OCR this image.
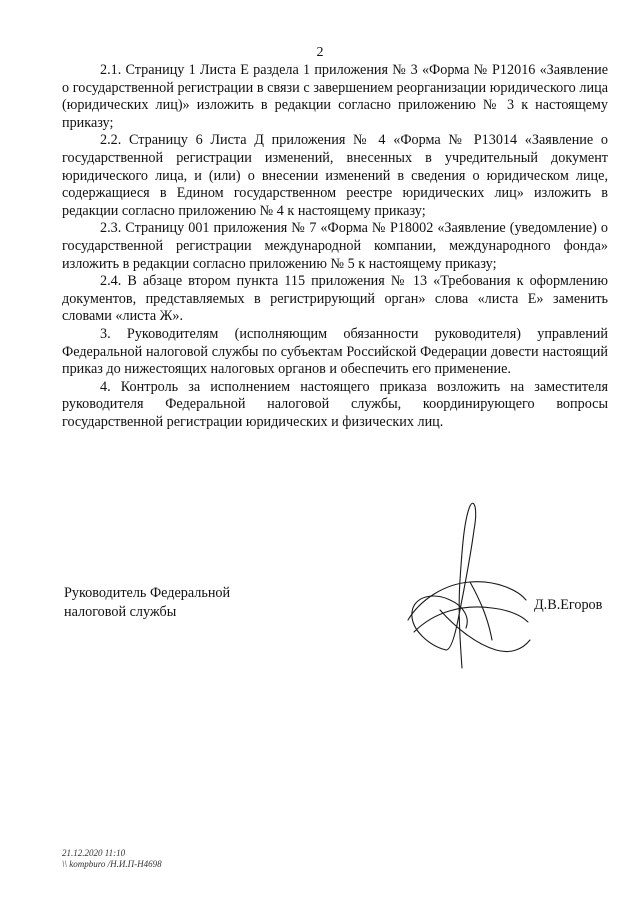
2

2.1. Страницу 1 Листа Е раздела 1 приложения № 3 «Форма № Р12016 «Заявление о государственной регистрации в связи с завершением реорганизации юридического лица (юридических лиц)» изложить в редакции согласно приложению № 3 к настоящему приказу;

2.2. Страницу 6 Листа Д приложения № 4 «Форма № Р13014 «Заявление о государственной регистрации изменений, внесенных в учредительный документ юридического лица, и (или) о внесении изменений в сведения о юридическом лице, содержащиеся в Едином государственном реестре юридических лиц» изложить в редакции согласно приложению № 4 к настоящему приказу;

2.3. Страницу 001 приложения № 7 «Форма № Р18002 «Заявление (уведомление) о государственной регистрации международной компании, международного фонда» изложить в редакции согласно приложению № 5 к настоящему приказу;

2.4. В абзаце втором пункта 115 приложения № 13 «Требования к оформлению документов, представляемых в регистрирующий орган» слова «листа Е» заменить словами «листа Ж».

3. Руководителям (исполняющим обязанности руководителя) управлений Федеральной налоговой службы по субъектам Российской Федерации довести настоящий приказ до нижестоящих налоговых органов и обеспечить его применение.

4. Контроль за исполнением настоящего приказа возложить на заместителя руководителя Федеральной налоговой службы, координирующего вопросы государственной регистрации юридических и физических лиц.

Руководитель Федеральной
налоговой службы	Д.В.Егоров
21.12.2020 11:10
\\ kompburo /Н.И.П-Н4698
